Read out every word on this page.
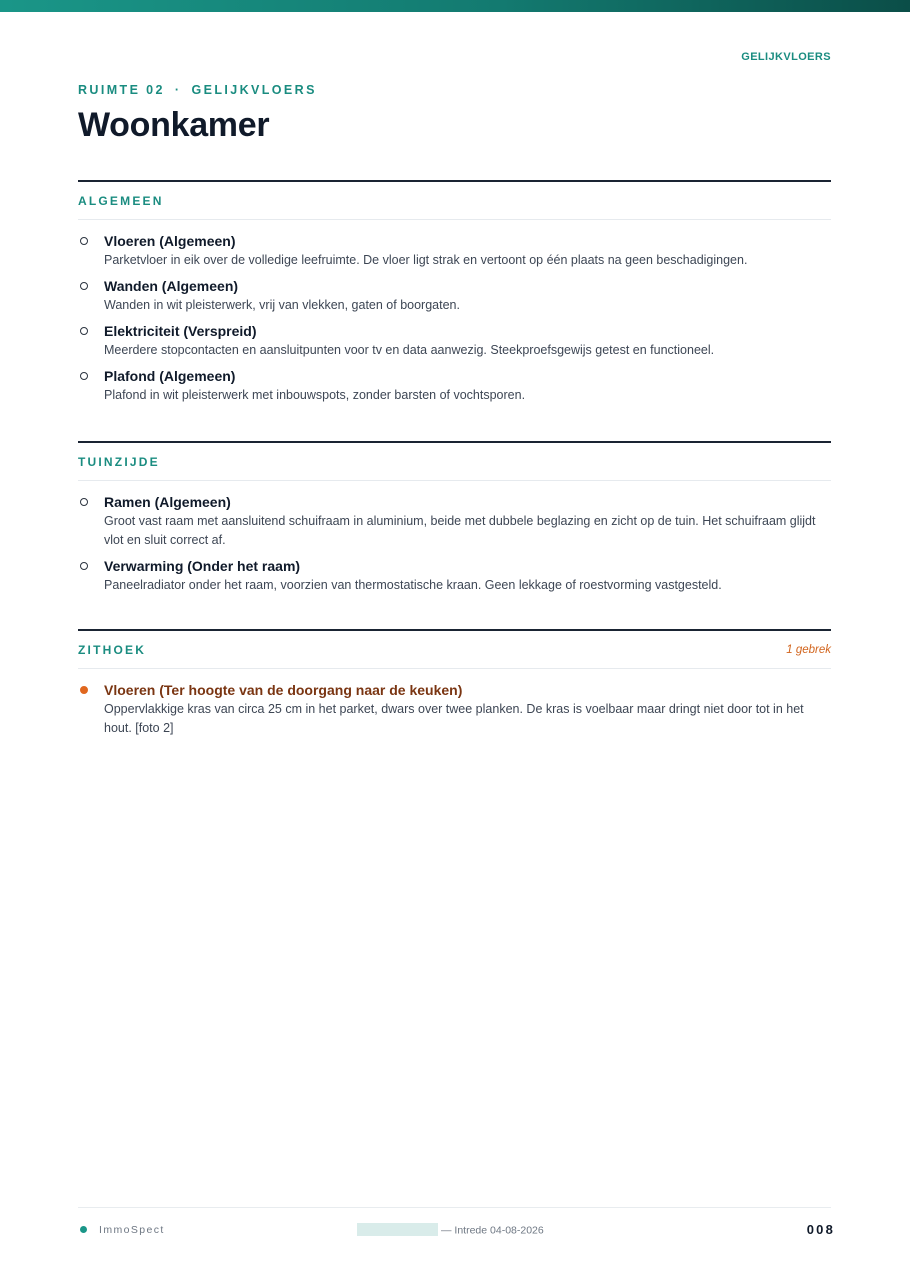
GELIJKVLOERS
RUIMTE 02 · GELIJKVLOERS
Woonkamer
ALGEMEEN
Vloeren (Algemeen)
Parketvloer in eik over de volledige leefruimte. De vloer ligt strak en vertoont op één plaats na geen beschadigingen.
Wanden (Algemeen)
Wanden in wit pleisterwerk, vrij van vlekken, gaten of boorgaten.
Elektriciteit (Verspreid)
Meerdere stopcontacten en aansluitpunten voor tv en data aanwezig. Steekproefsgewijs getest en functioneel.
Plafond (Algemeen)
Plafond in wit pleisterwerk met inbouwspots, zonder barsten of vochtsporen.
TUINZIJDE
Ramen (Algemeen)
Groot vast raam met aansluitend schuifraam in aluminium, beide met dubbele beglazing en zicht op de tuin. Het schuifraam glijdt vlot en sluit correct af.
Verwarming (Onder het raam)
Paneelradiator onder het raam, voorzien van thermostatische kraan. Geen lekkage of roestvorming vastgesteld.
ZITHOEK	1 gebrek
Vloeren (Ter hoogte van de doorgang naar de keuken)
Oppervlakkige kras van circa 25 cm in het parket, dwars over twee planken. De kras is voelbaar maar dringt niet door tot in het hout. [foto 2]
ImmoSpect	— Intrede 04-08-2026	008
